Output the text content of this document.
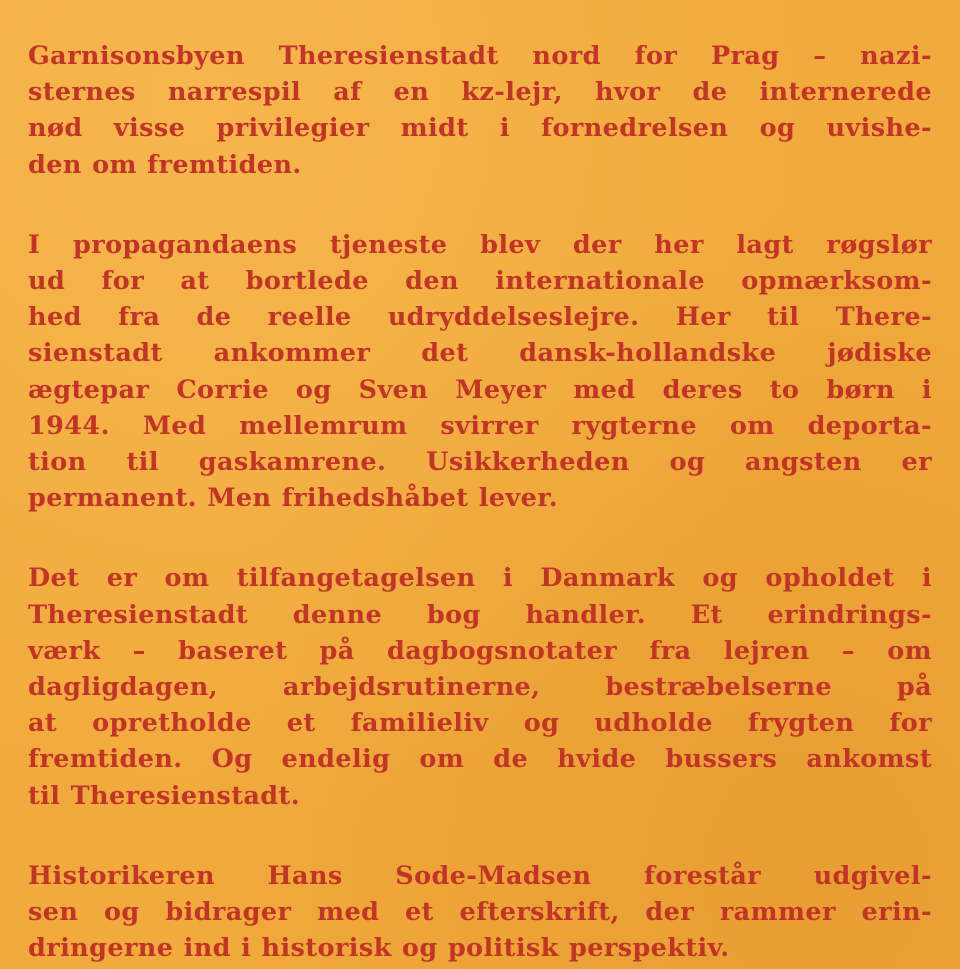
Garnisonsbyen Theresienstadt nord for Prag – nazi-
sternes narrespil af en kz-lejr, hvor de internerede
nød visse privilegier midt i fornedrelsen og uvishe-
den om fremtiden.

I propagandaens tjeneste blev der her lagt røgslør
ud for at bortlede den internationale opmærksom-
hed fra de reelle udryddelseslejre. Her til There-
sienstadt ankommer det dansk-hollandske jødiske
ægtepar Corrie og Sven Meyer med deres to børn i
1944. Med mellemrum svirrer rygterne om deporta-
tion til gaskamrene. Usikkerheden og angsten er
permanent. Men frihedshåbet lever.

Det er om tilfangetagelsen i Danmark og opholdet i
Theresienstadt denne bog handler. Et erindrings-
værk – baseret på dagbogsnotater fra lejren – om
dagligdagen, arbejdsrutinerne, bestræbelserne på
at opretholde et familieliv og udholde frygten for
fremtiden. Og endelig om de hvide bussers ankomst
til Theresienstadt.

Historikeren Hans Sode-Madsen forestår udgivel-
sen og bidrager med et efterskrift, der rammer erin-
dringerne ind i historisk og politisk perspektiv.
